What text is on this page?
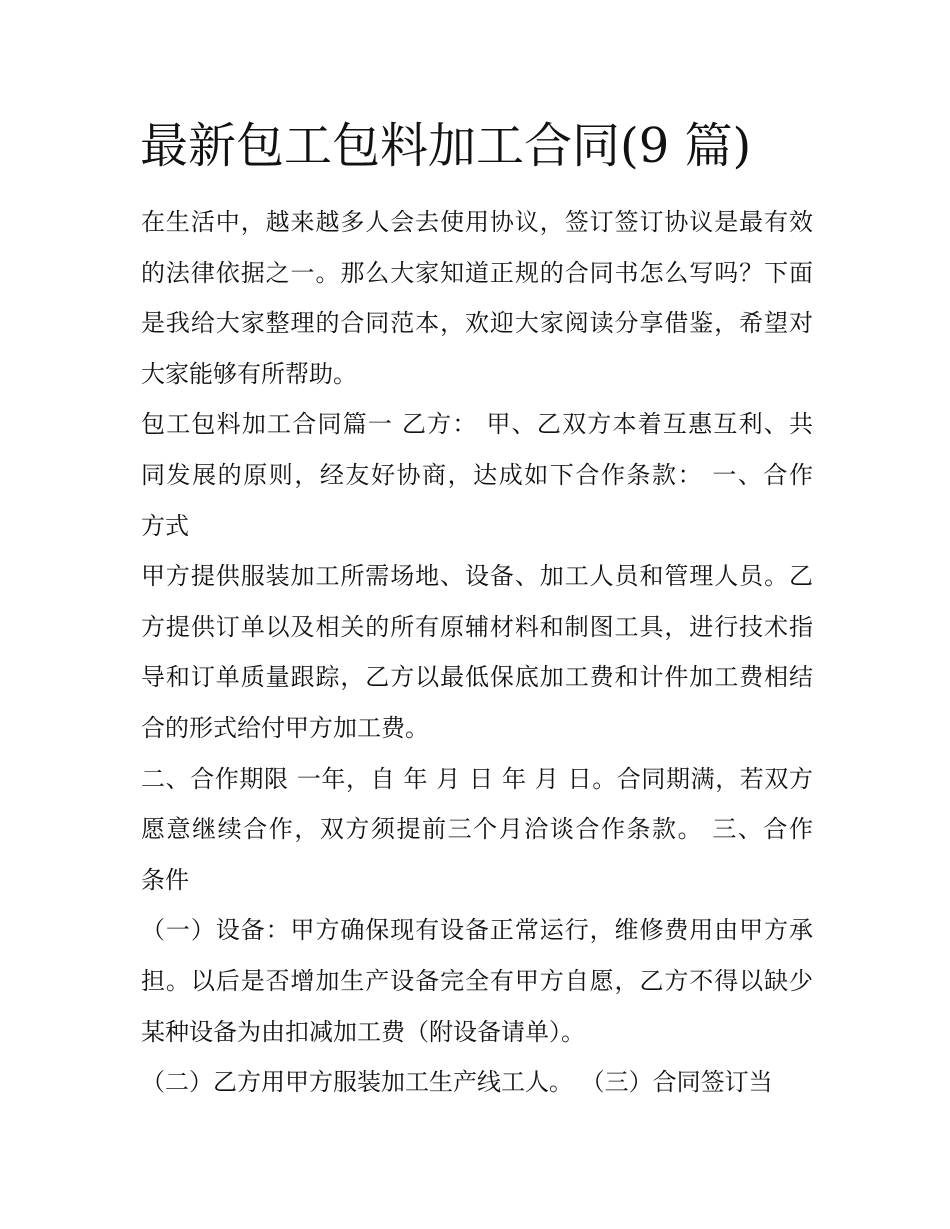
最新包工包料加工合同(9 篇)
在生活中，越来越多人会去使用协议，签订签订协议是最有效
的法律依据之一。那么大家知道正规的合同书怎么写吗？下面
是我给大家整理的合同范本，欢迎大家阅读分享借鉴，希望对
大家能够有所帮助。
包工包料加工合同篇一 乙方： 甲、乙双方本着互惠互利、共
同发展的原则，经友好协商，达成如下合作条款： 一、合作
方式
甲方提供服装加工所需场地、设备、加工人员和管理人员。乙
方提供订单以及相关的所有原辅材料和制图工具，进行技术指
导和订单质量跟踪，乙方以最低保底加工费和计件加工费相结
合的形式给付甲方加工费。
二、合作期限 一年，自 年 月 日 年 月 日。合同期满，若双方
愿意继续合作，双方须提前三个月洽谈合作条款。 三、合作
条件
（一）设备：甲方确保现有设备正常运行，维修费用由甲方承
担。以后是否增加生产设备完全有甲方自愿，乙方不得以缺少
某种设备为由扣减加工费（附设备请单）。
（二）乙方用甲方服装加工生产线工人。 （三）合同签订当
